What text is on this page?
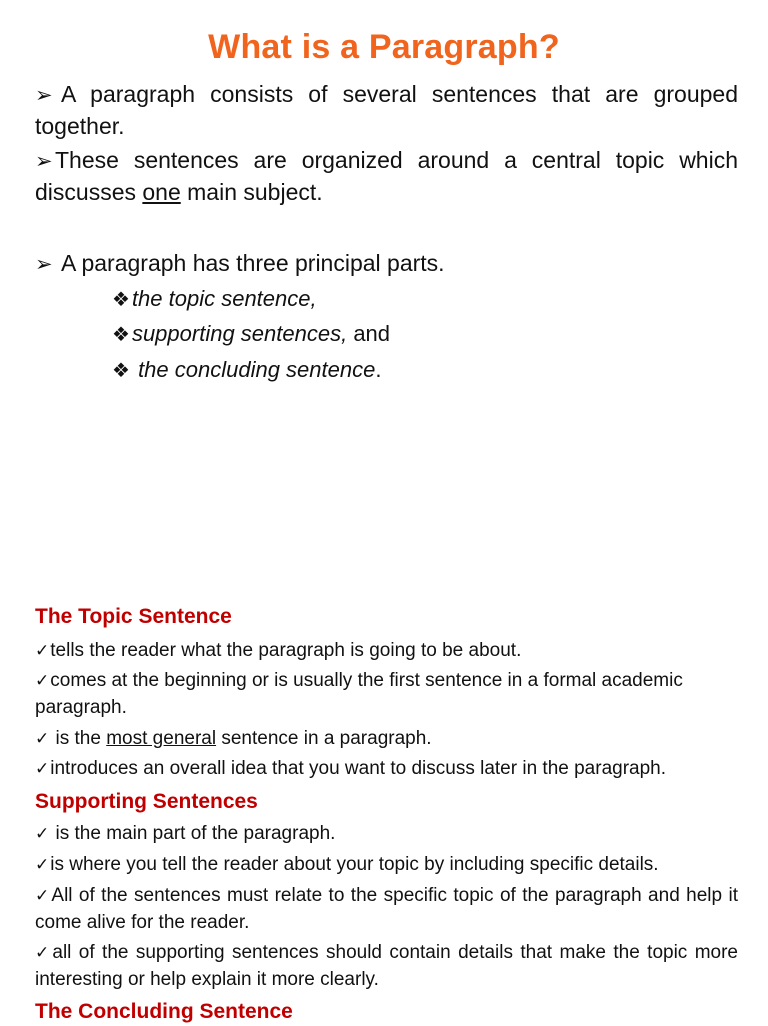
What is a Paragraph?
➢ A paragraph consists of several sentences that are grouped together.
➢ These sentences are organized around a central topic which discusses one main subject.
➢ A paragraph has three principal parts.
❖the topic sentence,
❖supporting sentences, and
❖ the concluding sentence.
The Topic Sentence
✓tells the reader what the paragraph is going to be about.
✓comes at the beginning or is usually the first sentence in a formal academic paragraph.
✓ is the most general sentence in a paragraph.
✓introduces an overall idea that you want to discuss later in the paragraph.
Supporting Sentences
✓ is the main part of the paragraph.
✓is where you tell the reader about your topic by including specific details.
✓All of the sentences must relate to the specific topic of the paragraph and help it come alive for the reader.
✓all of the supporting sentences should contain details that make the topic more interesting or help explain it more clearly.
The Concluding Sentence
